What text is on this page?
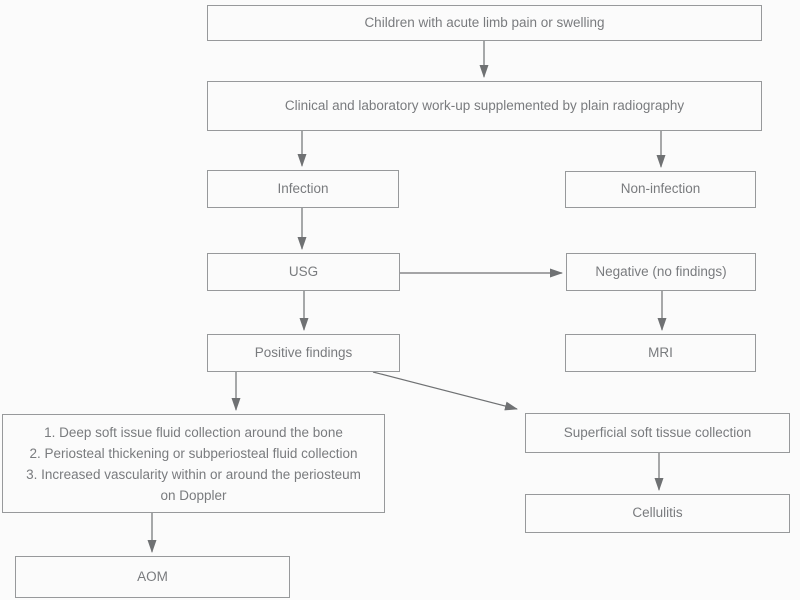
Children with acute limb pain or swelling
Clinical and laboratory work-up supplemented by plain radiography
Infection	Non-infection
USG	Negative (no findings)
Positive findings	MRI
1. Deep soft issue fluid collection around the bone
2. Periosteal thickening or subperiosteal fluid collection
3. Increased vascularity within or around the periosteum
on Doppler
Superficial soft tissue collection
Cellulitis
AOM
